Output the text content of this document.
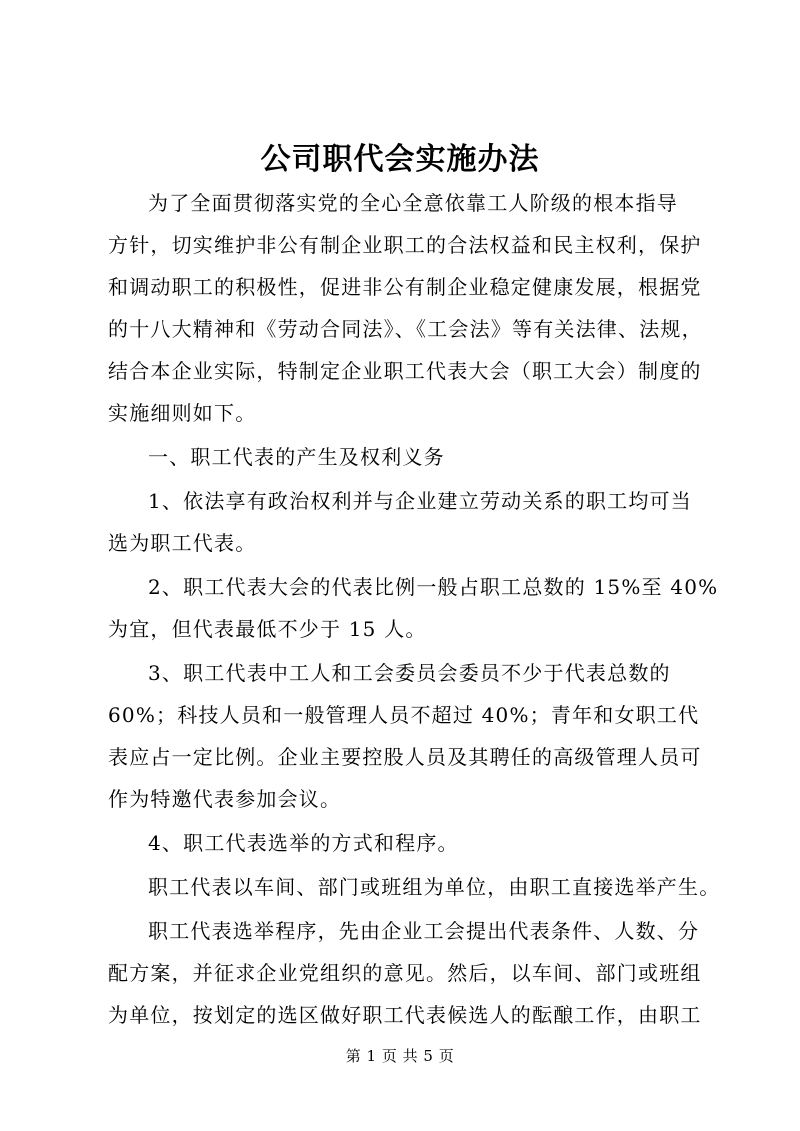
公司职代会实施办法
为了全面贯彻落实党的全心全意依靠工人阶级的根本指导
方针，切实维护非公有制企业职工的合法权益和民主权利，保护
和调动职工的积极性，促进非公有制企业稳定健康发展，根据党
的十八大精神和《劳动合同法》、《工会法》等有关法律、法规，
结合本企业实际，特制定企业职工代表大会（职工大会）制度的
实施细则如下。
一、职工代表的产生及权利义务
1、依法享有政治权利并与企业建立劳动关系的职工均可当
选为职工代表。
2、职工代表大会的代表比例一般占职工总数的 15%至 40%
为宜，但代表最低不少于 15 人。
3、职工代表中工人和工会委员会委员不少于代表总数的
60%；科技人员和一般管理人员不超过 40%；青年和女职工代
表应占一定比例。企业主要控股人员及其聘任的高级管理人员可
作为特邀代表参加会议。
4、职工代表选举的方式和程序。
职工代表以车间、部门或班组为单位，由职工直接选举产生。
职工代表选举程序，先由企业工会提出代表条件、人数、分
配方案，并征求企业党组织的意见。然后，以车间、部门或班组
为单位，按划定的选区做好职工代表候选人的酝酿工作，由职工
第 1 页 共 5 页
